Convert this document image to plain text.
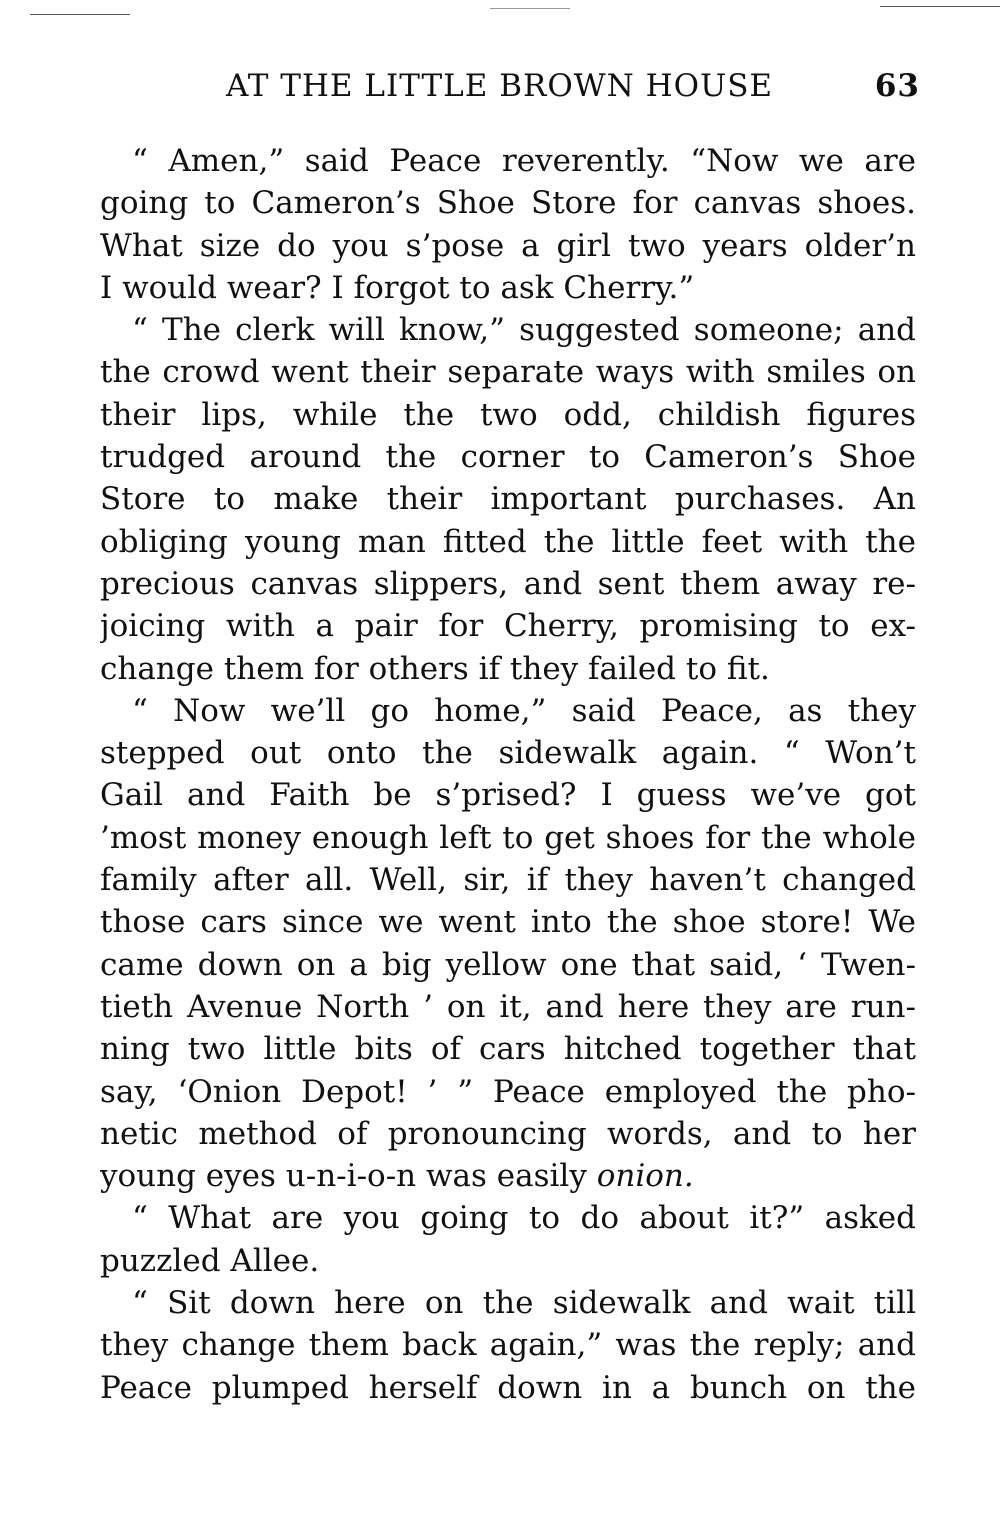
AT THE LITTLE BROWN HOUSE	63
“ Amen,” said Peace reverently. “Now we are
going to Cameron’s Shoe Store for canvas shoes.
What size do you s’pose a girl two years older’n
I would wear? I forgot to ask Cherry.”
“ The clerk will know,” suggested someone; and
the crowd went their separate ways with smiles on
their lips, while the two odd, childish figures
trudged around the corner to Cameron’s Shoe
Store to make their important purchases. An
obliging young man fitted the little feet with the
precious canvas slippers, and sent them away re-
joicing with a pair for Cherry, promising to ex-
change them for others if they failed to fit.
“ Now we’ll go home,” said Peace, as they
stepped out onto the sidewalk again. “ Won’t
Gail and Faith be s’prised? I guess we’ve got
’most money enough left to get shoes for the whole
family after all. Well, sir, if they haven’t changed
those cars since we went into the shoe store! We
came down on a big yellow one that said, ‘ Twen-
tieth Avenue North ’ on it, and here they are run-
ning two little bits of cars hitched together that
say, ‘Onion Depot! ’ ” Peace employed the pho-
netic method of pronouncing words, and to her
young eyes u-n-i-o-n was easily onion.
“ What are you going to do about it?” asked
puzzled Allee.
“ Sit down here on the sidewalk and wait till
they change them back again,” was the reply; and
Peace plumped herself down in a bunch on the
